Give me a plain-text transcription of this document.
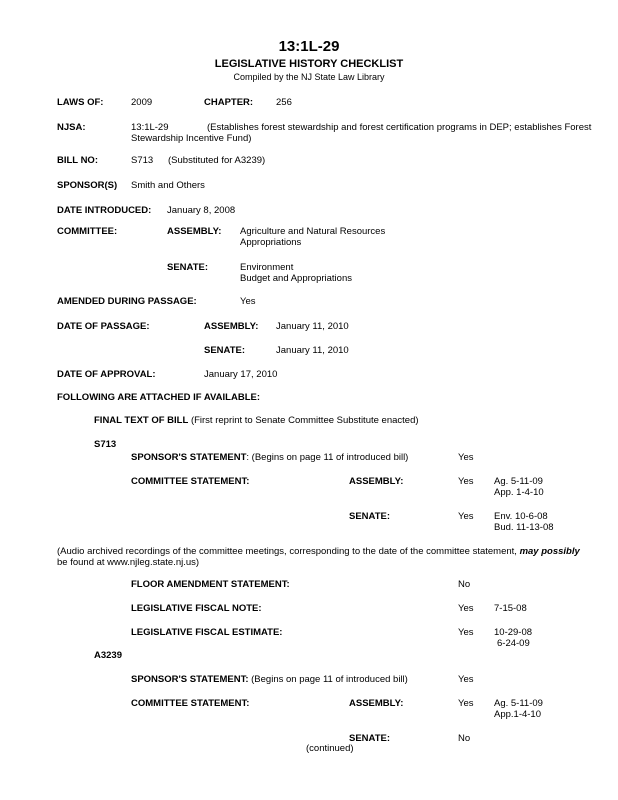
13:1L-29
LEGISLATIVE HISTORY CHECKLIST
Compiled by the NJ State Law Library
LAWS OF:	2009	CHAPTER: 256
NJSA:	13:1L-29	(Establishes forest stewardship and forest certification programs in DEP; establishes Forest Stewardship Incentive Fund)
BILL NO:	S713 (Substituted for A3239)
SPONSOR(S) Smith and Others
DATE INTRODUCED: January 8, 2008
COMMITTEE:	ASSEMBLY: Agriculture and Natural Resources
Appropriations
SENATE:	Environment
Budget and Appropriations
AMENDED DURING PASSAGE:	Yes
DATE OF PASSAGE:	ASSEMBLY: January 11, 2010
SENATE:	January 11, 2010
DATE OF APPROVAL:	January 17, 2010
FOLLOWING ARE ATTACHED IF AVAILABLE:
FINAL TEXT OF BILL (First reprint to Senate Committee Substitute enacted)
S713
SPONSOR'S STATEMENT: (Begins on page 11 of introduced bill)	Yes
COMMITTEE STATEMENT:	ASSEMBLY:	Yes Ag. 5-11-09
App. 1-4-10
SENATE:	Yes Env. 10-6-08
Bud. 11-13-08
(Audio archived recordings of the committee meetings, corresponding to the date of the committee statement, may possibly
be found at www.njleg.state.nj.us)
FLOOR AMENDMENT STATEMENT:	No
LEGISLATIVE FISCAL NOTE:	Yes 7-15-08
LEGISLATIVE FISCAL ESTIMATE:	Yes 10-29-08
6-24-09
A3239
SPONSOR'S STATEMENT: (Begins on page 11 of introduced bill)	Yes
COMMITTEE STATEMENT:	ASSEMBLY:	Yes Ag. 5-11-09
App.1-4-10
SENATE:	No
(continued)
